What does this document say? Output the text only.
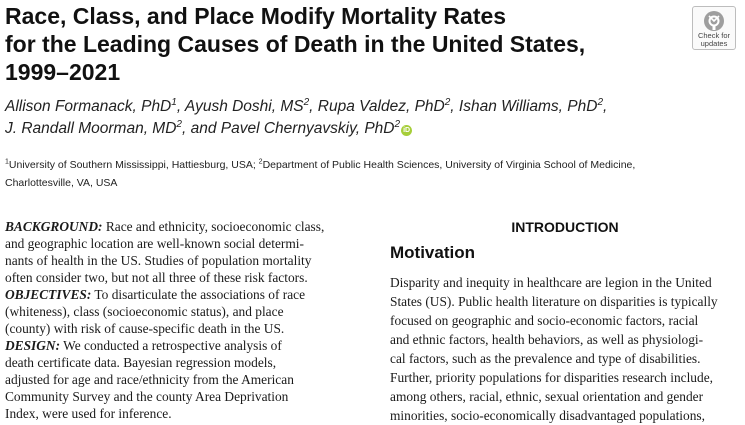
Race, Class, and Place Modify Mortality Rates
for the Leading Causes of Death in the United States,
1999–2021
Check for
updates

Allison Formanack, PhD$^1$, Ayush Doshi, $MS^2$, Rupa Valdez, PhD$^2$, Ishan Williams, PhD$^2$,
J. Randall Moorman, $MD^2$, and Pavel Chernyavskiy, PhD$^2$iD

$^1$University of Southern Mississippi, Hattiesburg, USA; $^2$Department of Public Health Sciences, University of Virginia School of Medicine,
Charlottesville, VA, USA

BACKGROUND: Race and ethnicity, socioeconomic class,
and geographic location are well-known social determi-
nants of health in the US. Studies of population mortality
often consider two, but not all three of these risk factors.
OBJECTIVES: To disarticulate the associations of race
(whiteness), class (socioeconomic status), and place
(county) with risk of cause-specific death in the US.
DESIGN: We conducted a retrospective analysis of
death certificate data. Bayesian regression models,
adjusted for age and race/ethnicity from the American
Community Survey and the county Area Deprivation
Index, were used for inference.
INTRODUCTION
Motivation
Disparity and inequity in healthcare are legion in the United
States (US). Public health literature on disparities is typically
focused on geographic and socio-economic factors, racial
and ethnic factors, health behaviors, as well as physiologi-
cal factors, such as the prevalence and type of disabilities.
Further, priority populations for disparities research include,
among others, racial, ethnic, sexual orientation and gender
minorities, socio-economically disadvantaged populations,
